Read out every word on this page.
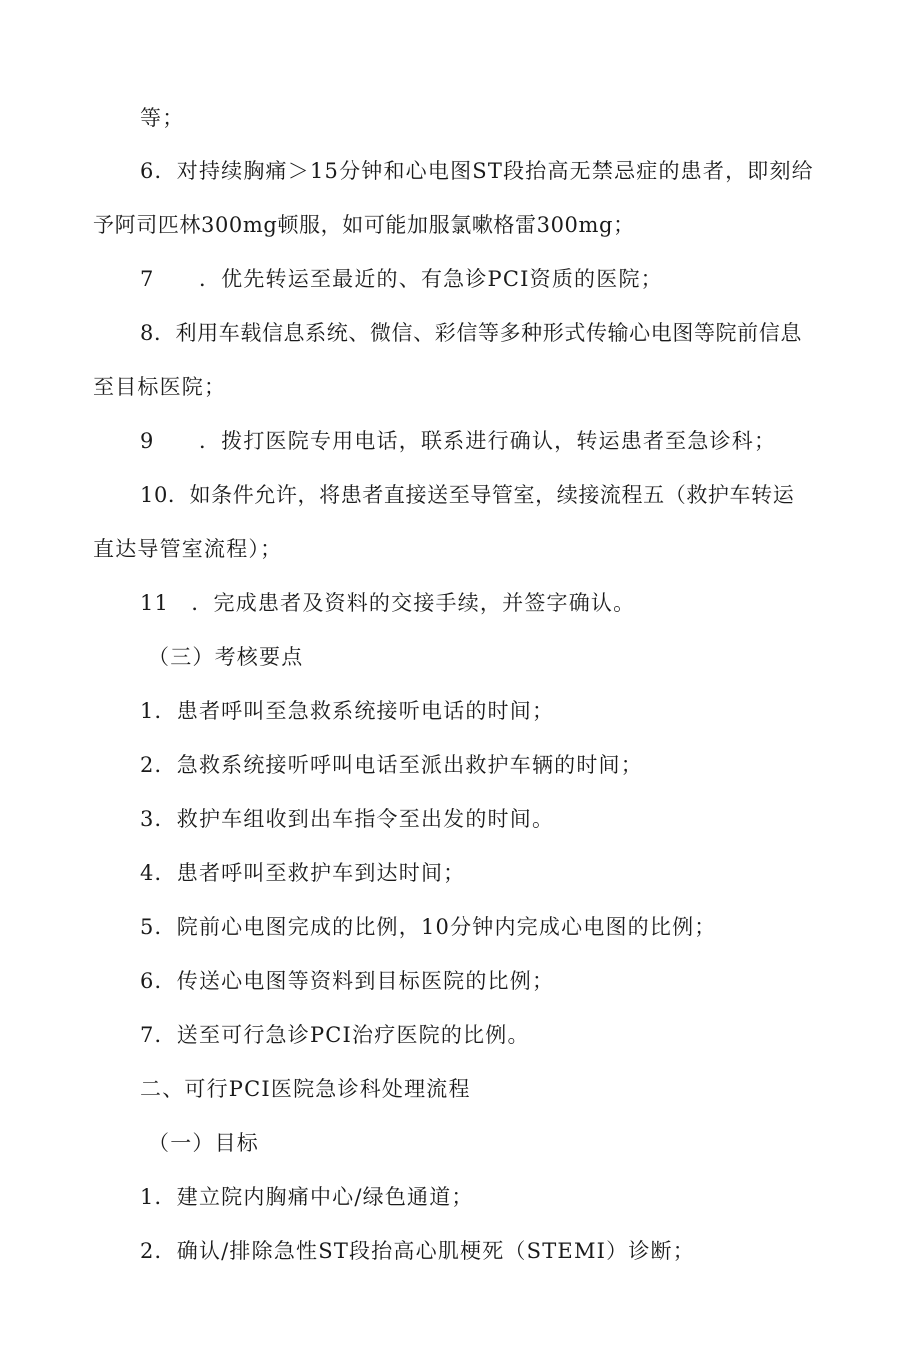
等；
6．对持续胸痛＞15分钟和心电图ST段抬高无禁忌症的患者，即刻给
予阿司匹林300mg顿服，如可能加服氯嗽格雷300mg；
7　　．优先转运至最近的、有急诊PCI资质的医院；
8．利用车载信息系统、微信、彩信等多种形式传输心电图等院前信息
至目标医院；
9　　．拨打医院专用电话，联系进行确认，转运患者至急诊科；
10．如条件允许，将患者直接送至导管室，续接流程五（救护车转运
直达导管室流程）；
11　．完成患者及资料的交接手续，并签字确认。
（三）考核要点
1．患者呼叫至急救系统接听电话的时间；
2．急救系统接听呼叫电话至派出救护车辆的时间；
3．救护车组收到出车指令至出发的时间。
4．患者呼叫至救护车到达时间；
5．院前心电图完成的比例，10分钟内完成心电图的比例；
6．传送心电图等资料到目标医院的比例；
7．送至可行急诊PCI治疗医院的比例。
二、可行PCI医院急诊科处理流程
（一）目标
1．建立院内胸痛中心/绿色通道；
2．确认/排除急性ST段抬高心肌梗死（STEMI）诊断；
